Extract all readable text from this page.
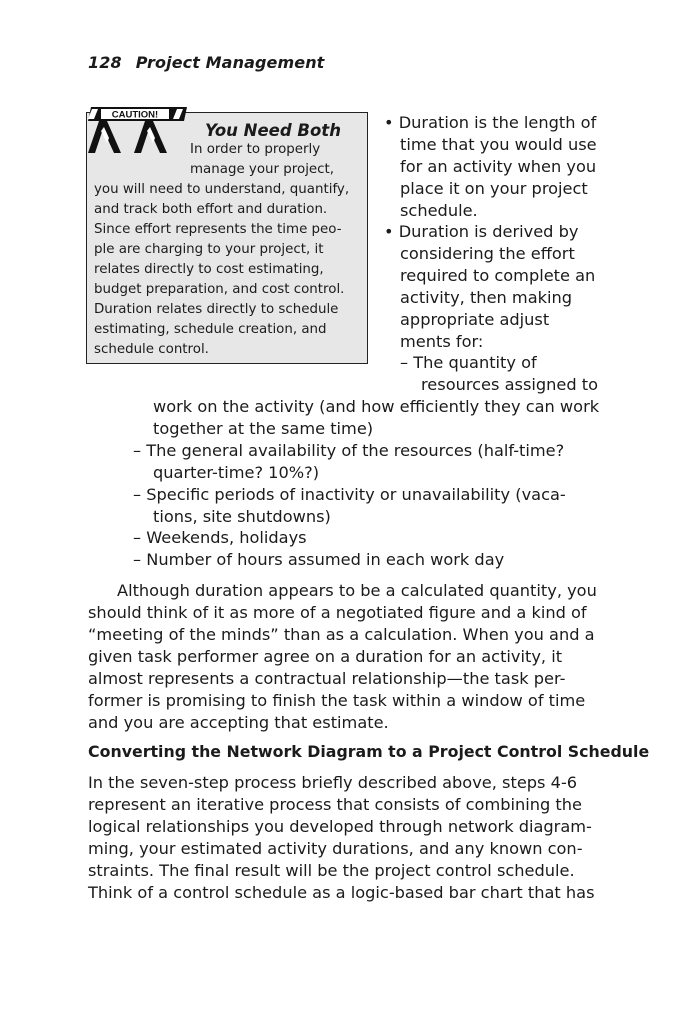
128 Project Management
CAUTION!
You Need Both
In order to properly
manage your project,
you will need to understand, quantify,
and track both effort and duration.
Since effort represents the time peo-
ple are charging to your project, it
relates directly to cost estimating,
budget preparation, and cost control.
Duration relates directly to schedule
estimating, schedule creation, and
schedule control.
• Duration is the length of
time that you would use
for an activity when you
place it on your project
schedule.
• Duration is derived by
considering the effort
required to complete an
activity, then making
appropriate adjust
ments for:
– The quantity of
resources assigned to
work on the activity (and how efficiently they can work
together at the same time)
– The general availability of the resources (half-time?
quarter-time? 10%?)
– Specific periods of inactivity or unavailability (vaca-
tions, site shutdowns)
– Weekends, holidays
– Number of hours assumed in each work day
Although duration appears to be a calculated quantity, you
should think of it as more of a negotiated figure and a kind of
“meeting of the minds” than as a calculation. When you and a
given task performer agree on a duration for an activity, it
almost represents a contractual relationship—the task per-
former is promising to finish the task within a window of time
and you are accepting that estimate.
Converting the Network Diagram to a Project Control Schedule
In the seven-step process briefly described above, steps 4-6
represent an iterative process that consists of combining the
logical relationships you developed through network diagram-
ming, your estimated activity durations, and any known con-
straints. The final result will be the project control schedule.
Think of a control schedule as a logic-based bar chart that has
